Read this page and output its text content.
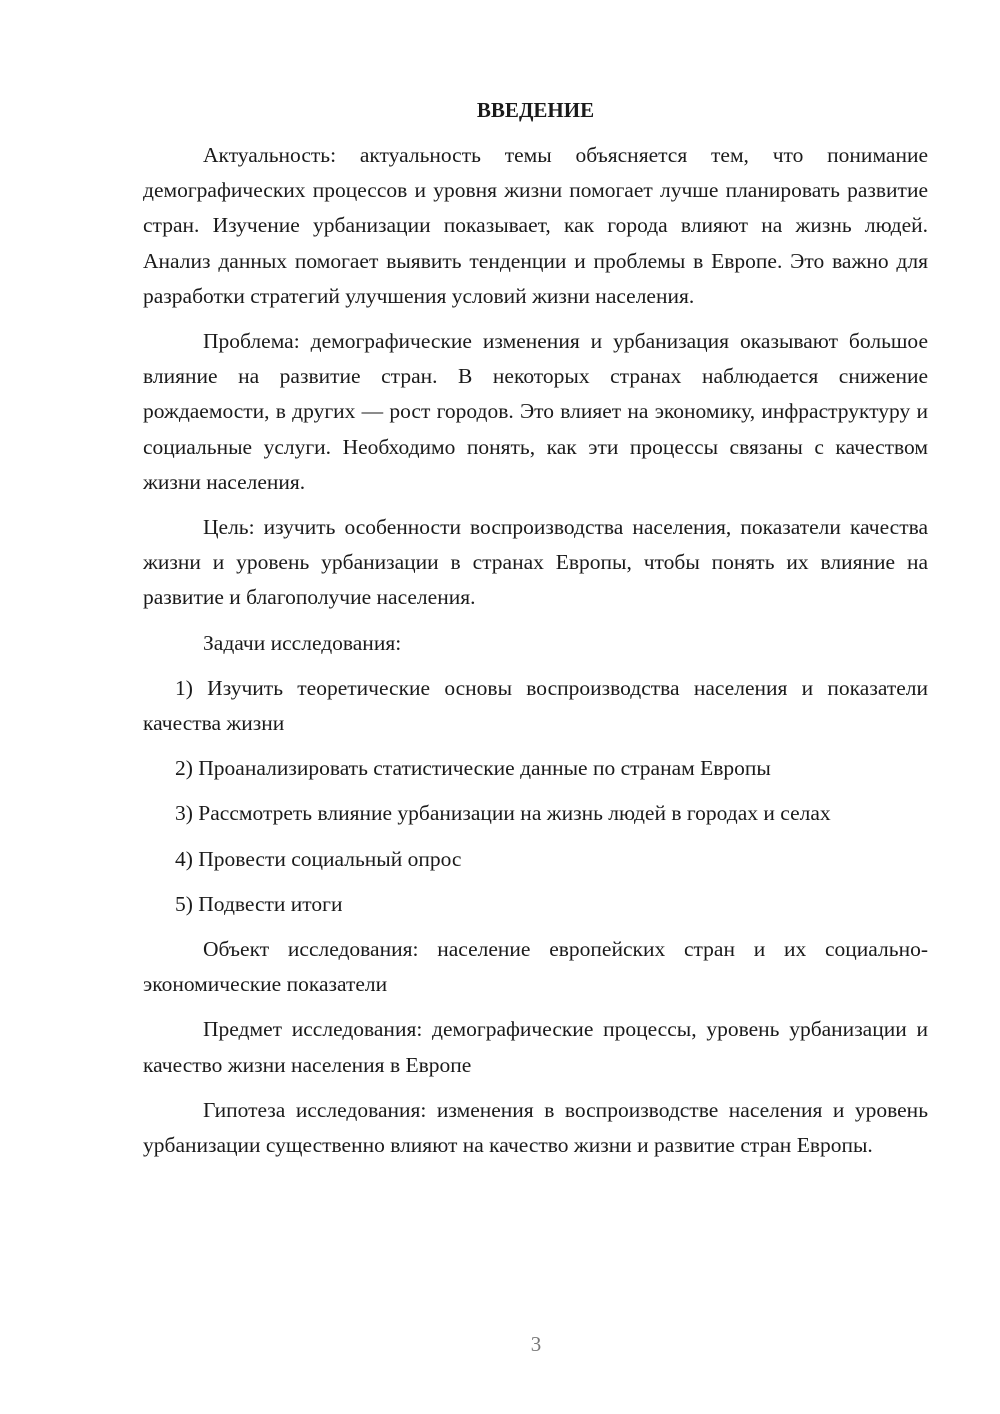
ВВЕДЕНИЕ

Актуальность: актуальность темы объясняется тем, что понимание демографических процессов и уровня жизни помогает лучше планировать развитие стран. Изучение урбанизации показывает, как города влияют на жизнь людей. Анализ данных помогает выявить тенденции и проблемы в Европе. Это важно для разработки стратегий улучшения условий жизни населения.

Проблема: демографические изменения и урбанизация оказывают большое влияние на развитие стран. В некоторых странах наблюдается снижение рождаемости, в других — рост городов. Это влияет на экономику, инфраструктуру и социальные услуги. Необходимо понять, как эти процессы связаны с качеством жизни населения.

Цель: изучить особенности воспроизводства населения, показатели качества жизни и уровень урбанизации в странах Европы, чтобы понять их влияние на развитие и благополучие населения.

Задачи исследования:

1) Изучить теоретические основы воспроизводства населения и показатели качества жизни

2) Проанализировать статистические данные по странам Европы

3) Рассмотреть влияние урбанизации на жизнь людей в городах и селах

4) Провести социальный опрос

5) Подвести итоги

Объект исследования: население европейских стран и их социально-экономические показатели

Предмет исследования: демографические процессы, уровень урбанизации и качество жизни населения в Европе

Гипотеза исследования: изменения в воспроизводстве населения и уровень урбанизации существенно влияют на качество жизни и развитие стран Европы.

3
